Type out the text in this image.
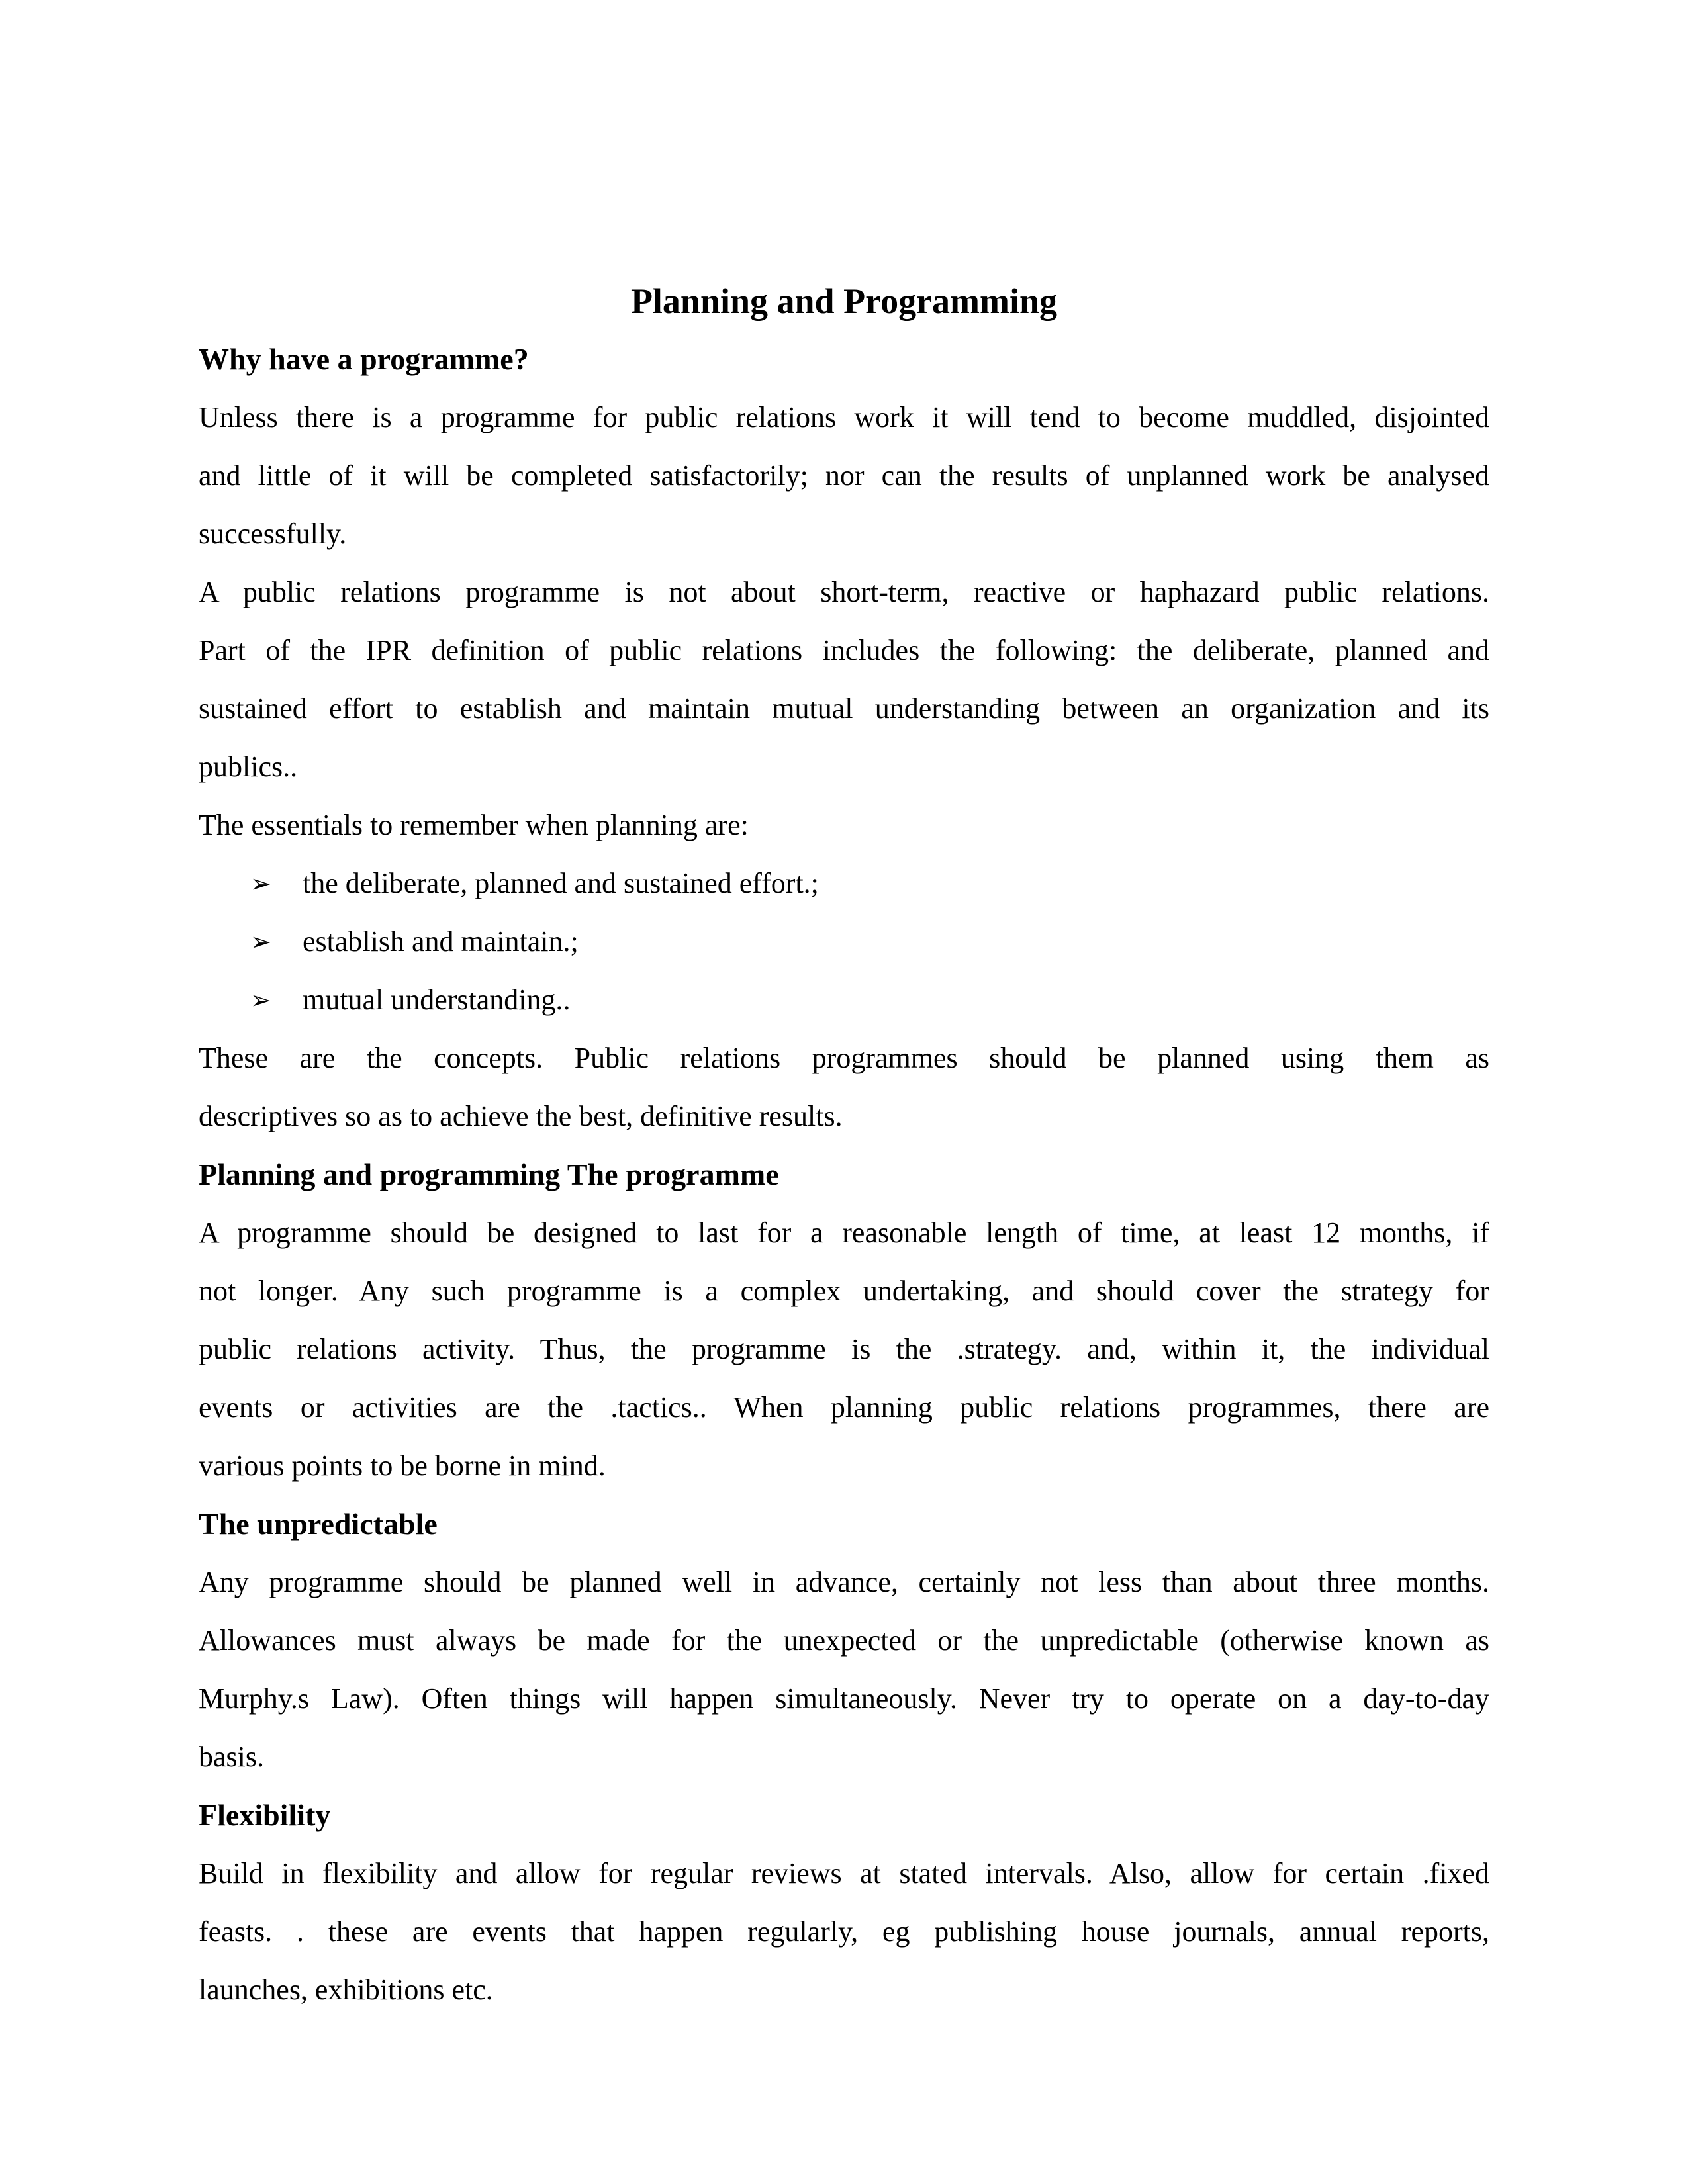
Planning and Programming
Why have a programme?

Unless there is a programme for public relations work it will tend to become muddled, disjointed
and little of it will be completed satisfactorily; nor can the results of unplanned work be analysed
successfully.

A public relations programme is not about short-term, reactive or haphazard public relations.
Part of the IPR definition of public relations includes the following: the deliberate, planned and
sustained effort to establish and maintain mutual understanding between an organization and its
publics..

The essentials to remember when planning are:

➢ the deliberate, planned and sustained effort.;
➢ establish and maintain.;
➢ mutual understanding..

These are the concepts. Public relations programmes should be planned using them as
descriptives so as to achieve the best, definitive results.

Planning and programming The programme

A programme should be designed to last for a reasonable length of time, at least 12 months, if
not longer. Any such programme is a complex undertaking, and should cover the strategy for
public relations activity. Thus, the programme is the .strategy. and, within it, the individual
events or activities are the .tactics.. When planning public relations programmes, there are
various points to be borne in mind.

The unpredictable

Any programme should be planned well in advance, certainly not less than about three months.
Allowances must always be made for the unexpected or the unpredictable (otherwise known as
Murphy.s Law). Often things will happen simultaneously. Never try to operate on a day-to-day
basis.

Flexibility

Build in flexibility and allow for regular reviews at stated intervals. Also, allow for certain .fixed
feasts. . these are events that happen regularly, eg publishing house journals, annual reports,
launches, exhibitions etc.
